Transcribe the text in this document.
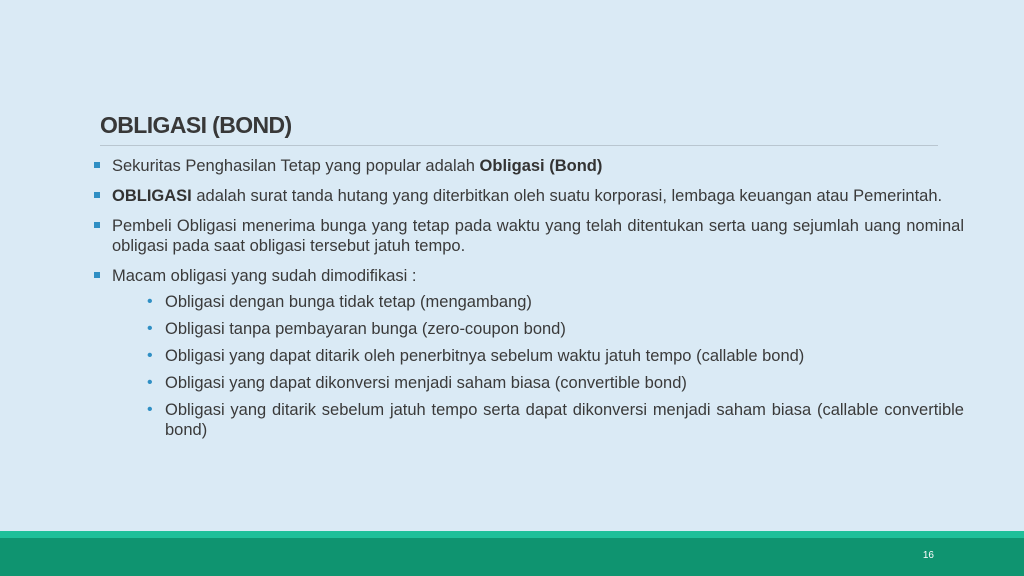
OBLIGASI (BOND)
Sekuritas Penghasilan Tetap yang popular adalah Obligasi (Bond)
OBLIGASI adalah surat tanda hutang yang diterbitkan oleh suatu korporasi, lembaga keuangan atau Pemerintah.
Pembeli Obligasi menerima bunga yang tetap pada waktu yang telah ditentukan serta uang sejumlah uang nominal obligasi pada saat obligasi tersebut jatuh tempo.
Macam obligasi yang sudah dimodifikasi :
• Obligasi dengan bunga tidak tetap (mengambang)
• Obligasi tanpa pembayaran bunga (zero-coupon bond)
• Obligasi yang dapat ditarik oleh penerbitnya sebelum waktu jatuh tempo (callable bond)
• Obligasi yang dapat dikonversi menjadi saham biasa (convertible bond)
• Obligasi yang ditarik sebelum jatuh tempo serta dapat dikonversi menjadi saham biasa (callable convertible bond)
16
